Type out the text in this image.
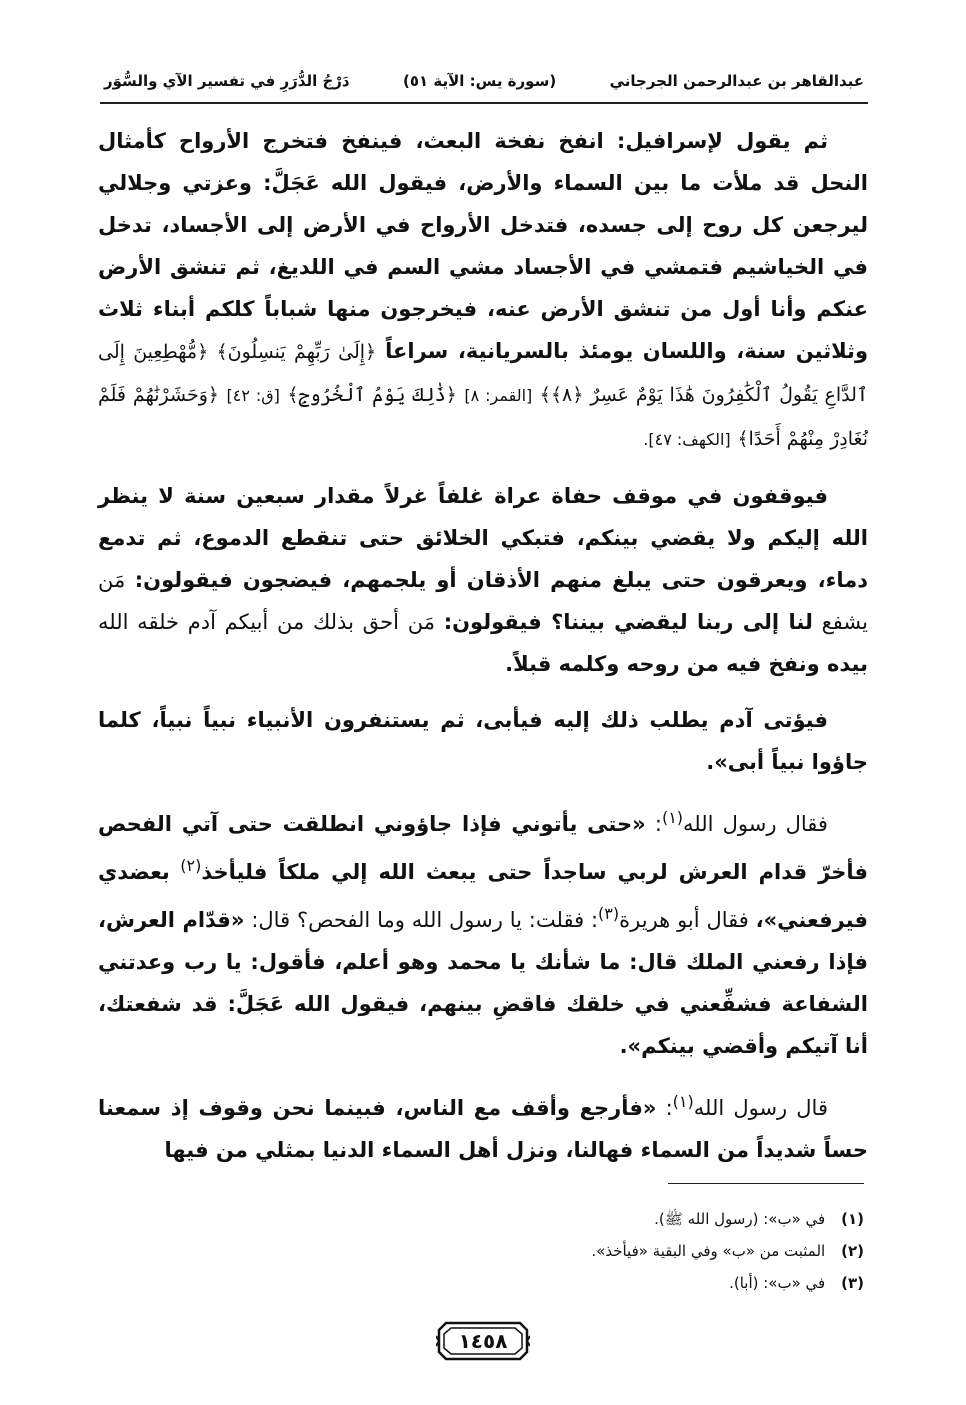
عبدالقاهر بن عبدالرحمن الجرجاني
(سورة يس: الآية ٥١)
دَرْجُ الدُّرَرِ في تفسير الآي والسُّوَر

ثم يقول لإسرافيل: انفخ نفخة البعث، فينفخ فتخرج الأرواح كأمثال النحل قد ملأت ما بين السماء والأرض، فيقول الله عَجَلَّ: وعزتي وجلالي ليرجعن كل روح إلى جسده، فتدخل الأرواح في الأرض إلى الأجساد، تدخل في الخياشيم فتمشي في الأجساد مشي السم في اللديغ، ثم تنشق الأرض عنكم وأنا أول من تنشق الأرض عنه، فيخرجون منها شباباً كلكم أبناء ثلاث وثلاثين سنة، واللسان يومئذ بالسريانية، سراعاً ﴿إِلَىٰ رَبِّهِمْ يَنسِلُونَ﴾ ﴿مُّهْطِعِينَ إِلَى ٱلدَّاعِ يَقُولُ ٱلْكَٰفِرُونَ هَٰذَا يَوْمٌ عَسِرٌ ﴿٨﴾﴾ [القمر: ٨] ﴿ذَٰلِكَ يَوْمُ ٱلْخُرُوجِ﴾ [ق: ٤٢] ﴿وَحَشَرْنَٰهُمْ فَلَمْ نُغَادِرْ مِنْهُمْ أَحَدًا﴾ [الكهف: ٤٧].

فيوقفون في موقف حفاة عراة غلفاً غرلاً مقدار سبعين سنة لا ينظر الله إليكم ولا يقضي بينكم، فتبكي الخلائق حتى تنقطع الدموع، ثم تدمع دماء، ويعرقون حتى يبلغ منهم الأذقان أو يلجمهم، فيضجون فيقولون: مَن يشفع لنا إلى ربنا ليقضي بيننا؟ فيقولون: مَن أحق بذلك من أبيكم آدم خلقه الله بيده ونفخ فيه من روحه وكلمه قبلاً.

فيؤتى آدم يطلب ذلك إليه فيأبى، ثم يستنفرون الأنبياء نبياً نبياً، كلما جاؤوا نبياً أبى».

فقال رسول الله$^{(١)}$: «حتى يأتوني فإذا جاؤوني انطلقت حتى آتي الفحص فأخرّ قدام العرش لربي ساجداً حتى يبعث الله إلي ملكاً فليأخذ$^{(٢)}$ بعضدي فيرفعني»، فقال أبو هريرة$^{(٣)}$: فقلت: يا رسول الله وما الفحص؟ قال: «قدّام العرش، فإذا رفعني الملك قال: ما شأنك يا محمد وهو أعلم، فأقول: يا رب وعدتني الشفاعة فشفِّعني في خلقك فاقضِ بينهم، فيقول الله عَجَلَّ: قد شفعتك، أنا آتيكم وأقضي بينكم».

قال رسول الله$^{(١)}$: «فأرجع وأقف مع الناس، فبينما نحن وقوف إذ سمعنا حساً شديداً من السماء فهالنا، ونزل أهل السماء الدنيا بمثلي من فيها

(١) في «ب»: (رسول الله ﷺ).
(٢) المثبت من «ب» وفي البقية «فيأخذ».
(٣) في «ب»: (أبا).
١٤٥٨
